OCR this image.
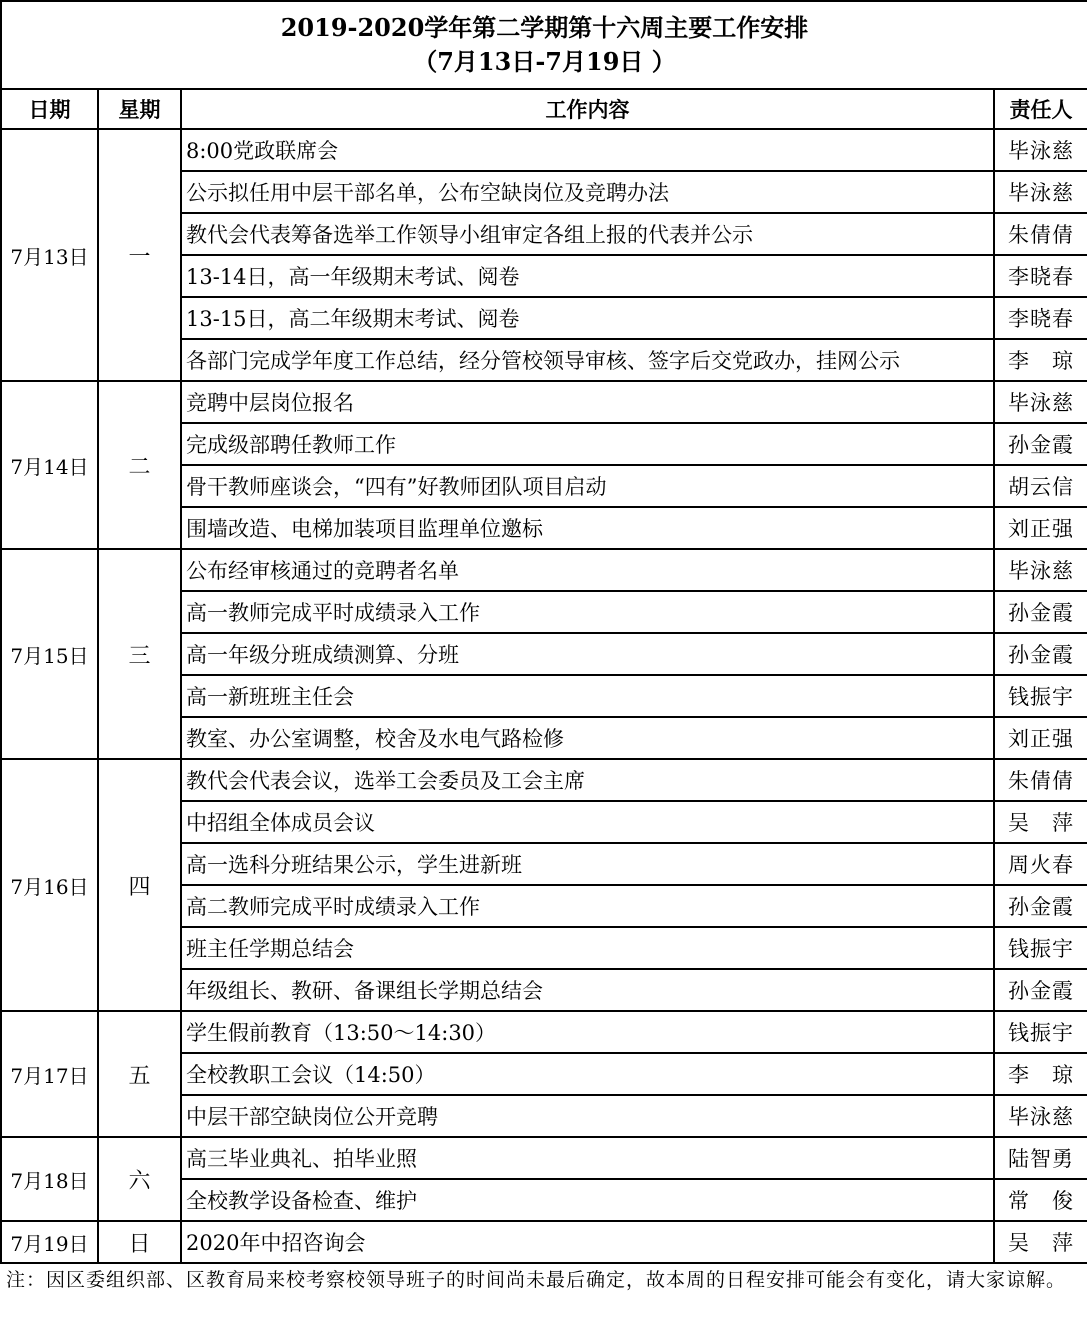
2019-2020学年第二学期第十六周主要工作安排
（7月13日-7月19日 ）			

日期	星期	工作内容	责任人
7月13日	一	8:00党政联席会	毕泳慈
		公示拟任用中层干部名单，公布空缺岗位及竞聘办法	毕泳慈
		教代会代表筹备选举工作领导小组审定各组上报的代表并公示	朱倩倩
		13-14日，高一年级期末考试、阅卷	李晓春
		13-15日，高二年级期末考试、阅卷	李晓春
		各部门完成学年度工作总结，经分管校领导审核、签字后交党政办，挂网公示	李　琼
7月14日	二	竞聘中层岗位报名	毕泳慈
		完成级部聘任教师工作	孙金霞
		骨干教师座谈会，“四有”好教师团队项目启动	胡云信
		围墙改造、电梯加装项目监理单位邀标	刘正强
7月15日	三	公布经审核通过的竞聘者名单	毕泳慈
		高一教师完成平时成绩录入工作	孙金霞
		高一年级分班成绩测算、分班	孙金霞
		高一新班班主任会	钱振宇
		教室、办公室调整，校舍及水电气路检修	刘正强
7月16日	四	教代会代表会议，选举工会委员及工会主席	朱倩倩
		中招组全体成员会议	吴　萍
		高一选科分班结果公示，学生进新班	周火春
		高二教师完成平时成绩录入工作	孙金霞
		班主任学期总结会	钱振宇
		年级组长、教研、备课组长学期总结会	孙金霞
7月17日	五	学生假前教育（13:50～14:30）	钱振宇
		全校教职工会议（14:50）	李　琼
		中层干部空缺岗位公开竞聘	毕泳慈
7月18日	六	高三毕业典礼、拍毕业照	陆智勇
		全校教学设备检查、维护	常　俊
7月19日	日	2020年中招咨询会	吴　萍
注：因区委组织部、区教育局来校考察校领导班子的时间尚未最后确定，故本周的日程安排可能会有变化，请大家谅解。
